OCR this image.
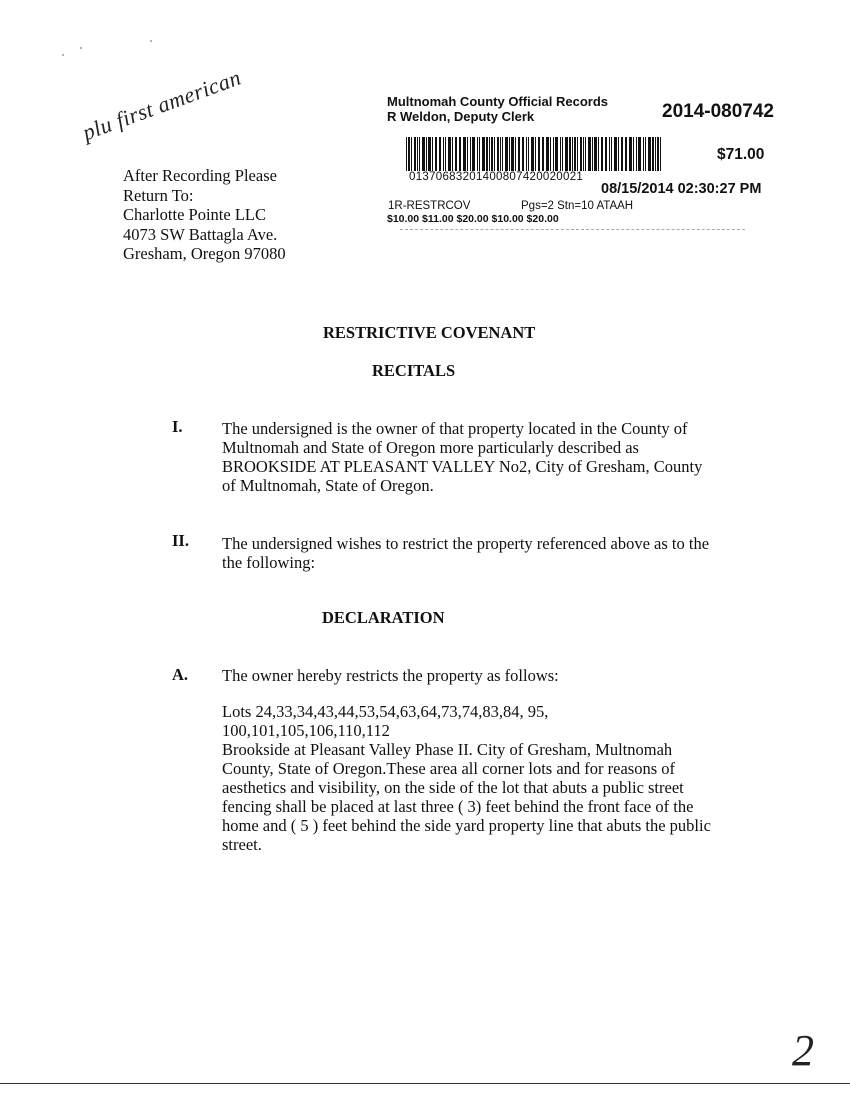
plu first american
After Recording Please
Return To:
Charlotte Pointe LLC
4073 SW Battagla Ave.
Gresham, Oregon 97080
Multnomah County Official Records
R Weldon, Deputy Clerk	2014-080742
01370683201400807420020021
$71.00
08/15/2014 02:30:27 PM
1R-RESTRCOV	Pgs=2 Stn=10 ATAAH
$10.00 $11.00 $20.00 $10.00 $20.00
RESTRICTIVE COVENANT
RECITALS
I. The undersigned is the owner of that property located in the County of
Multnomah and State of Oregon more particularly described as
BROOKSIDE AT PLEASANT VALLEY No2, City of Gresham, County
of Multnomah, State of Oregon.
II. The undersigned wishes to restrict the property referenced above as to the
the following:
DECLARATION
A. The owner hereby restricts the property as follows:
Lots 24,33,34,43,44,53,54,63,64,73,74,83,84, 95,
100,101,105,106,110,112
Brookside at Pleasant Valley Phase II. City of Gresham, Multnomah
County, State of Oregon.These area all corner lots and for reasons of
aesthetics and visibility, on the side of the lot that abuts a public street
fencing shall be placed at last three ( 3) feet behind the front face of the
home and ( 5 ) feet behind the side yard property line that abuts the public
street.
2
